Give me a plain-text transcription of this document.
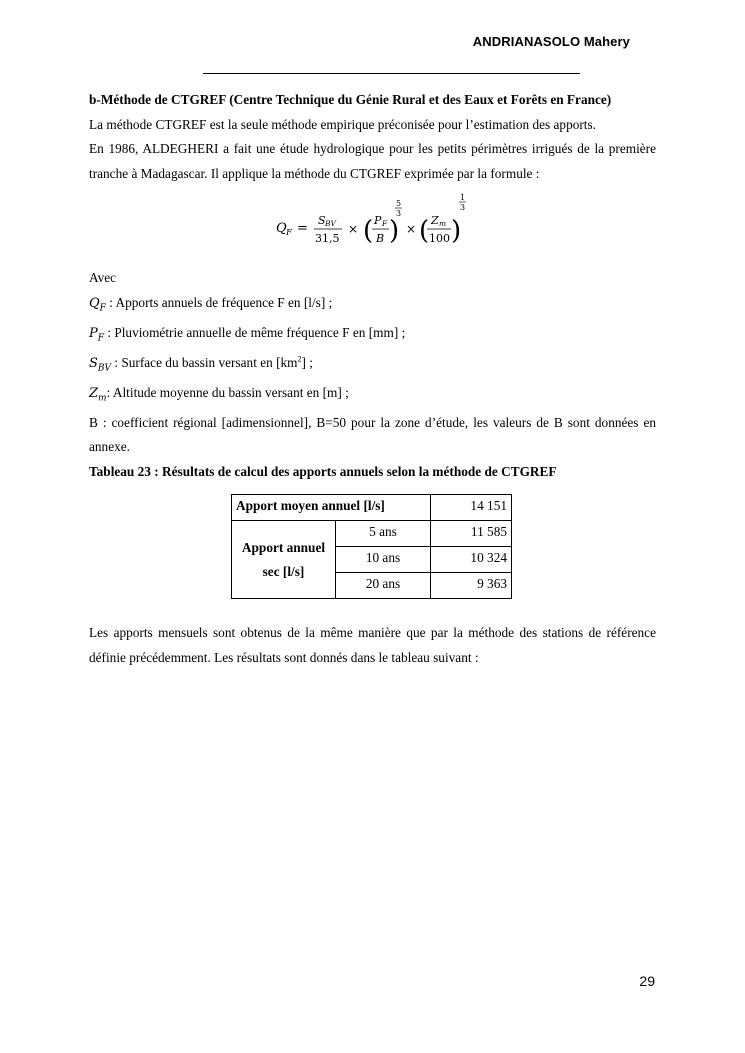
ANDRIANASOLO Mahery

b-Méthode de CTGREF (Centre Technique du Génie Rural et des Eaux et Forêts en France)

La méthode CTGREF est la seule méthode empirique préconisée pour l’estimation des apports.

En 1986, ALDEGHERI a fait une étude hydrologique pour les petits périmètres irrigués de la première tranche à Madagascar. Il applique la méthode du CTGREF exprimée par la formule :

Q F =
S BV
31,5
× ( P F
B )
5
3
× ( Z m
100 )
1
3

Avec

$Q_F$ : Apports annuels de fréquence F en [l/s] ;

$P_F$ : Pluviométrie annuelle de même fréquence F en [mm] ;

$S_{BV}$ : Surface du bassin versant en $[km^2]$ ;

$Z_m$: Altitude moyenne du bassin versant en [m] ;

B : coefficient régional [adimensionnel], B=50 pour la zone d’étude, les valeurs de B sont données en annexe.

Tableau 23 : Résultats de calcul des apports annuels selon la méthode de CTGREF

Apport moyen annuel [l/s]		14 151
Apport annuel
sec [l/s]	5 ans	11 585
	10 ans	10 324
	20 ans	9 363

Les apports mensuels sont obtenus de la même manière que par la méthode des stations de référence définie précédemment. Les résultats sont donnés dans le tableau suivant :

29
